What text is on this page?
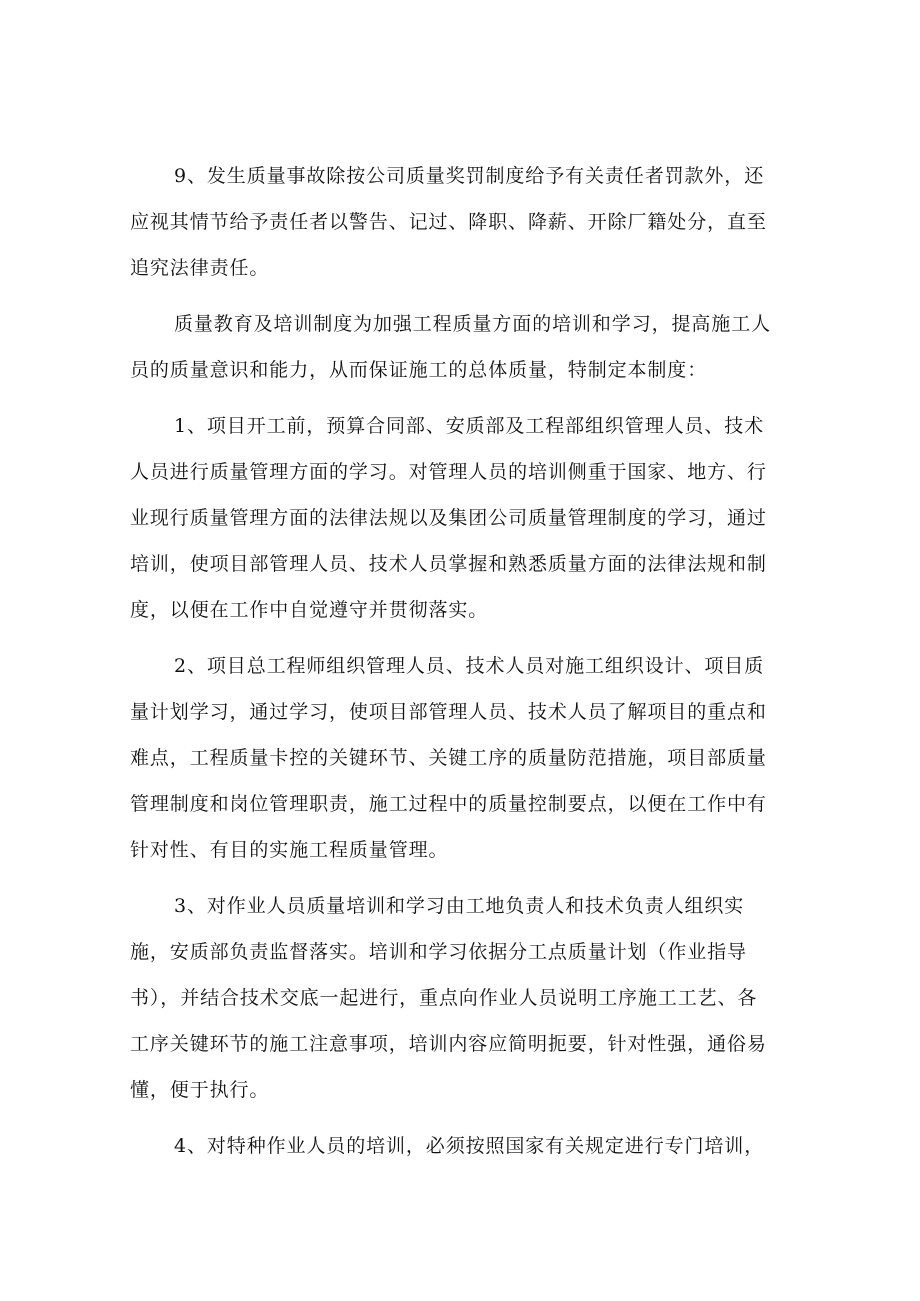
9、发生质量事故除按公司质量奖罚制度给予有关责任者罚款外，还
应视其情节给予责任者以警告、记过、降职、降薪、开除厂籍处分，直至
追究法律责任。
质量教育及培训制度为加强工程质量方面的培训和学习，提高施工人
员的质量意识和能力，从而保证施工的总体质量，特制定本制度：
1、项目开工前，预算合同部、安质部及工程部组织管理人员、技术
人员进行质量管理方面的学习。对管理人员的培训侧重于国家、地方、行
业现行质量管理方面的法律法规以及集团公司质量管理制度的学习，通过
培训，使项目部管理人员、技术人员掌握和熟悉质量方面的法律法规和制
度，以便在工作中自觉遵守并贯彻落实。
2、项目总工程师组织管理人员、技术人员对施工组织设计、项目质
量计划学习，通过学习，使项目部管理人员、技术人员了解项目的重点和
难点，工程质量卡控的关键环节、关键工序的质量防范措施，项目部质量
管理制度和岗位管理职责，施工过程中的质量控制要点，以便在工作中有
针对性、有目的实施工程质量管理。
3、对作业人员质量培训和学习由工地负责人和技术负责人组织实
施，安质部负责监督落实。培训和学习依据分工点质量计划（作业指导
书），并结合技术交底一起进行，重点向作业人员说明工序施工工艺、各
工序关键环节的施工注意事项，培训内容应简明扼要，针对性强，通俗易
懂，便于执行。
4、对特种作业人员的培训，必须按照国家有关规定进行专门培训，
